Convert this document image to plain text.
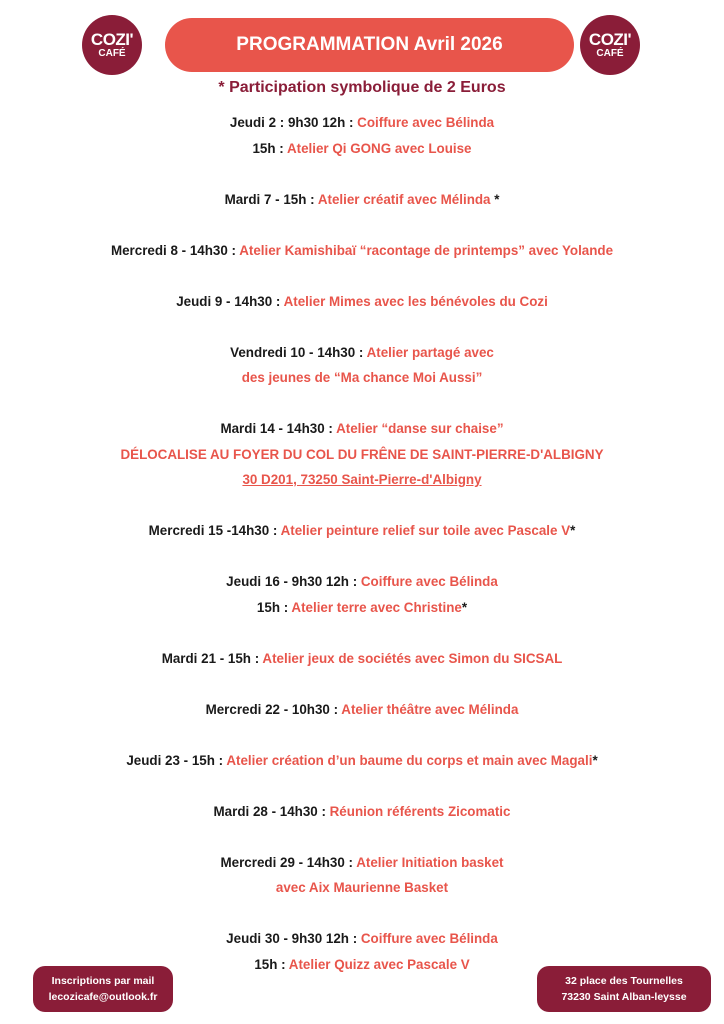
COZI'
CAFÉ	PROGRAMMATION Avril 2026	COZI'
CAFÉ
* Participation symbolique de 2 Euros
Jeudi 2 : 9h30 12h : Coiffure avec Bélinda
15h : Atelier Qi GONG avec Louise
Mardi 7 - 15h : Atelier créatif avec Mélinda *
Mercredi 8 - 14h30 : Atelier Kamishibaï “racontage de printemps” avec Yolande
Jeudi 9 - 14h30 : Atelier Mimes avec les bénévoles du Cozi
Vendredi 10 - 14h30 : Atelier partagé avec
des jeunes de “Ma chance Moi Aussi”
Mardi 14 - 14h30 : Atelier “danse sur chaise”
DÉLOCALISE AU FOYER DU COL DU FRÊNE DE SAINT-PIERRE-D'ALBIGNY
30 D201, 73250 Saint-Pierre-d'Albigny
Mercredi 15 -14h30 : Atelier peinture relief sur toile avec Pascale V*
Jeudi 16 - 9h30 12h : Coiffure avec Bélinda
15h : Atelier terre avec Christine*
Mardi 21 - 15h : Atelier jeux de sociétés avec Simon du SICSAL
Mercredi 22 - 10h30 : Atelier théâtre avec Mélinda
Jeudi 23 - 15h : Atelier création d’un baume du corps et main avec Magali*
Mardi 28 - 14h30 : Réunion référents Zicomatic
Mercredi 29 - 14h30 : Atelier Initiation basket
avec Aix Maurienne Basket
Jeudi 30 - 9h30 12h : Coiffure avec Bélinda
15h : Atelier Quizz avec Pascale V
Inscriptions par mail
lecozicafe@outlook.fr
32 place des Tournelles
73230 Saint Alban-leysse
